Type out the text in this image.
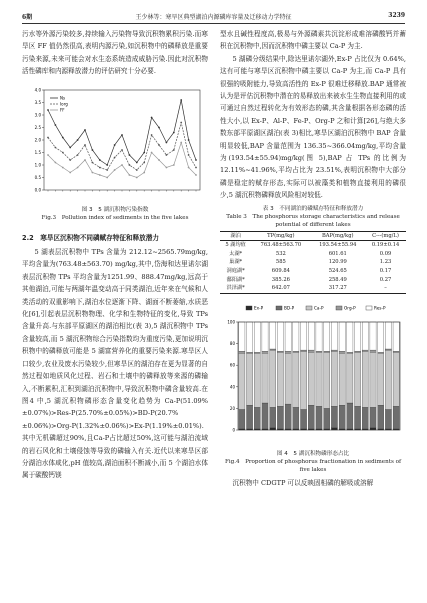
6期	王少林等：寒旱区典型湖泊内源磷库容量及迁移动力学特征	3239

污水等外源污染较多,持续输入污染物导致沉积物累积污染.而寒旱区 FF 值仍然很高,表明内源污染,如沉积物中的磷释放是重要污染来源,未来可能会对水生态系统造成威胁污染.因此对沉积物活性磷库和内源释放潜力的评估研究十分必要.

0.0
0.5
1.0
1.5
2.0
2.5
3.0
3.5
4.0
Ns
Iorg
FF
图 3　5 湖沉积物污染指数
Fig.3　Pollution index of sediments in the five lakes
2.2　寒旱区沉积物不同磷赋存特征和释放潜力

5 湖表层沉积物中 TPs 含量为 212.12~2565.79mg/kg,平均含量为(763.48±563.70) mg/kg,其中,岱海和达里诺尔湖表层沉积物 TPs 平均含量为1251.99、888.47mg/kg,远高于其他湖泊,可能与两湖年温变动高于同类湖泊,近年来在气候和人类活动的双重影响下,湖泊水位逐渐下降、湖面不断萎缩,水质恶化[6],引起表层沉积物物理、化学和生物特征的变化,导致 TPs 含量升高.与东部平原湖区的湖泊相比(表 3),5 湖沉积物中 TPs 含量较高,而 5 湖沉积物综合污染指数均为重度污染,更加说明沉积物中的磷释放可能是 5 湖富营养化的重要污染来源.寒旱区人口较少,农业及废水污染较少,但寒旱区的湖泊存在更为显著的自然过程如地质风化过程、岩石和土壤中的磷释放等来源的磷输入,不断累积,汇积到湖泊沉积物中,导致沉积物中磷含量较高.在图4 中,5 湖沉积物磷形态含量变化趋势为 Ca-P(51.09%±0.07%)>Res-P(25.70%±0.05%)>BD-P(20.7%±0.06%)>Org-P(1.32%±0.06%)>Ex-P(1.19%±0.01%).其中无机磷超过90%,且Ca-P占比超过50%,这可能与湖泊流域的岩石风化和土壤侵蚀等导致的磷输入有关.近代以来寒旱区部分湖泊水体咸化,pH 值较高,湖泊面积不断减小,而 5 个湖泊水体属于碳酸钙镁

型水且碱性程度高,极易与外源磷素共沉淀形成难溶磷酸钙并蓄积在沉积物中,因而沉积物中磷主要以 Ca-P 为主.

5 湖磷分级结果中,除达里诺尔湖外,Ex-P 占比仅为 0.64%,这有可能与寒旱区沉积物中磷主要以 Ca-P 为主,而 Ca-P 具有很强的吸附能力,导致高活性的 Ex-P 很难迁移释放.BAP 通常被认为是评估沉积物中潜在的易释放出来被水生生物直接利用的或可通过自然过程转化为有效形态的磷,其含量根据各形态磷的活性大小,以 Ex-P、Al-P、Fe-P、Org-P 之和计算[26],与绝大多数东部平原湖区湖泊(表 3)相比,寒旱区湖泊沉积物中 BAP 含量明显较低,BAP 含量范围为 136.35~366.04mg/kg,平均含量为(193.54±55.94)mg/kg(图 5),BAP 占 TPs 的比例为 12.11%~41.96%,平均占比为 23.51%,表明沉积物中大部分磷是稳定的赋存形态,实际可以被藻类和植物直接利用的磷很少,5 湖沉积物磷释放风险相对较低.

表 3　不同湖泊的磷赋存特征和释放潜力
Table 3　The phosphorus storage characteristics and release
potential of different lakes
湖泊	TP(mg/kg)	BAP(mg/kg)	C---(mg/L)
5 湖均值	763.48±563.70	193.54±55.94	0.19±0.14
太湖*	532	601.61	0.09
巢湖*	585	120.99	1.23
洞庭湖*	609.84	524.65	0.17
鄱阳湖*	385.26	258.49	0.27
洪泽湖*	642.07	317.27	–
Ex-P	BD-P	Ca-P	Org-P	Res-P
0
20
40
60
80
100
图 4　5 湖沉积物磷形态占比
Fig.4　Proportion of phosphorus fractionation in sediments of
five lakes

沉积物中 CDGTP 可以反映固相磷的解吸或溶解
